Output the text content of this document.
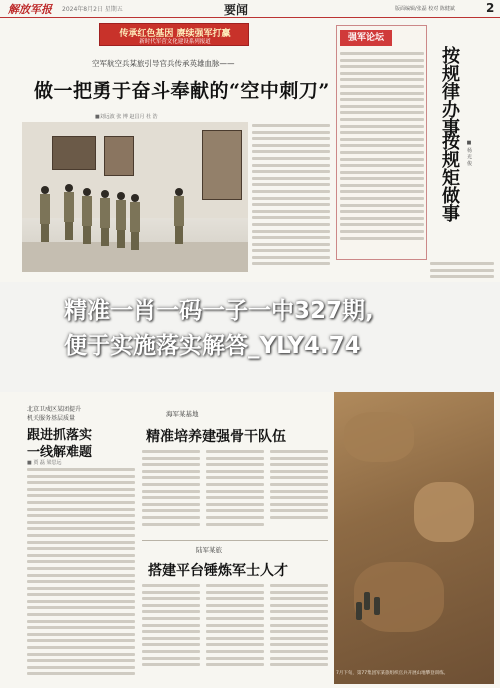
解放军报 2024年8月2日 星期五	要闻	版面编辑/张磊 校对 陈健斌	2
传承红色基因 赓续强军打赢
新时代军营文化建设系列报道
空军航空兵某旅引导官兵传承英雄血脉——
做一把勇于奋斗奉献的“空中刺刀”
■刘远波 张 博 赵昌月 杜 浩
强军论坛
按规律办事
按规矩做事 ■ 杨 光 俊
北京卫戍区某团提升
机关服务基层质量
跟进抓落实
一线解难题
■ 贾 磊 梁思远
海军某基地
精准培养建强骨干队伍
陆军某旅
搭建平台锤炼军士人才
7月下旬，第77集团军某旅组织官兵开展山地攀登训练。
精准一肖一码一子一中327期,
便于实施落实解答_YLY4.74
